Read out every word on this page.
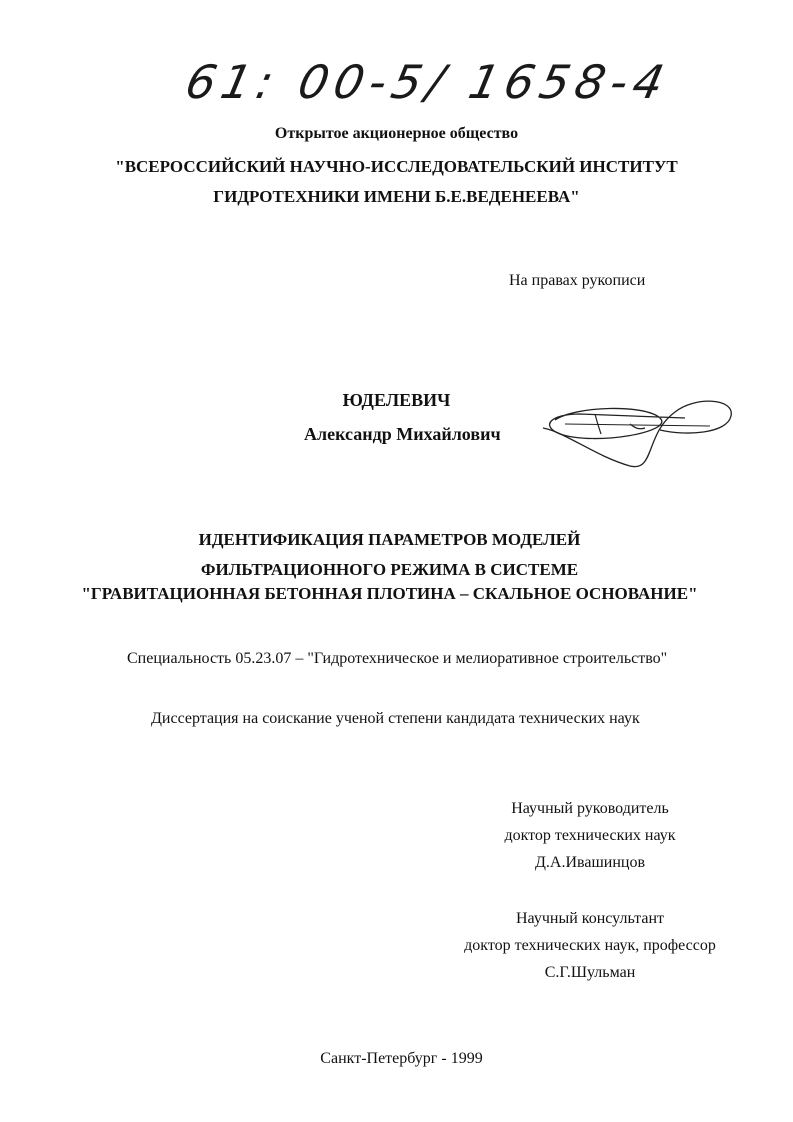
61: 00-5/ 1658-4
Открытое акционерное общество
"ВСЕРОССИЙСКИЙ НАУЧНО-ИССЛЕДОВАТЕЛЬСКИЙ ИНСТИТУТ
ГИДРОТЕХНИКИ ИМЕНИ Б.Е.ВЕДЕНЕЕВА"
На правах рукописи
ЮДЕЛЕВИЧ
Александр Михайлович
ИДЕНТИФИКАЦИЯ ПАРАМЕТРОВ МОДЕЛЕЙ
ФИЛЬТРАЦИОННОГО РЕЖИМА В СИСТЕМЕ
"ГРАВИТАЦИОННАЯ БЕТОННАЯ ПЛОТИНА – СКАЛЬНОЕ ОСНОВАНИЕ"
Специальность 05.23.07 – "Гидротехническое и мелиоративное строительство"
Диссертация на соискание ученой степени кандидата технических наук
Научный руководитель
доктор технических наук
Д.А.Ивашинцов
Научный консультант
доктор технических наук, профессор
С.Г.Шульман
Санкт-Петербург - 1999
